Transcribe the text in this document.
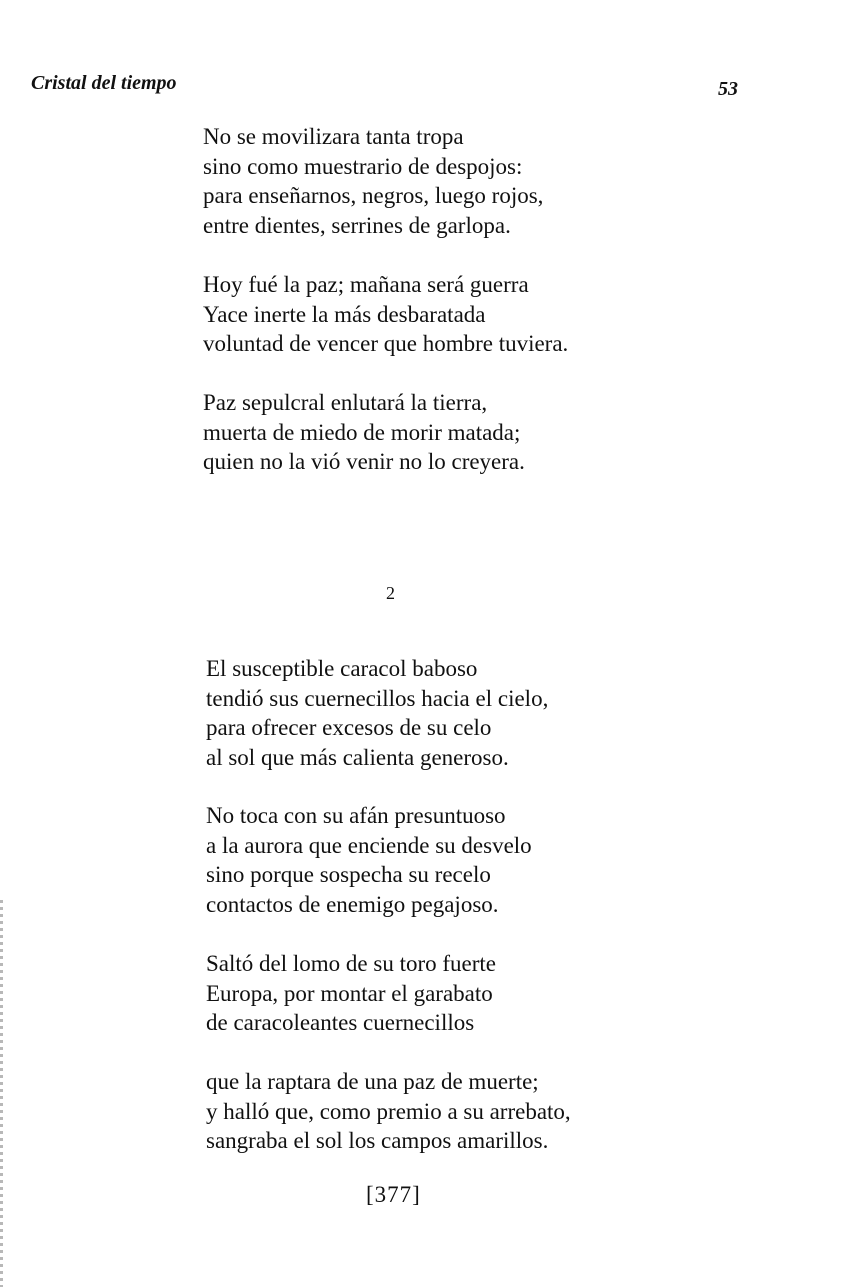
Cristal del tiempo	53
No se movilizara tanta tropa
sino como muestrario de despojos:
para enseñarnos, negros, luego rojos,
entre dientes, serrines de garlopa.
Hoy fué la paz; mañana será guerra
Yace inerte la más desbaratada
voluntad de vencer que hombre tuviera.
Paz sepulcral enlutará la tierra,
muerta de miedo de morir matada;
quien no la vió venir no lo creyera.
2
El susceptible caracol baboso
tendió sus cuernecillos hacia el cielo,
para ofrecer excesos de su celo
al sol que más calienta generoso.
No toca con su afán presuntuoso
a la aurora que enciende su desvelo
sino porque sospecha su recelo
contactos de enemigo pegajoso.
Saltó del lomo de su toro fuerte
Europa, por montar el garabato
de caracoleantes cuernecillos
que la raptara de una paz de muerte;
y halló que, como premio a su arrebato,
sangraba el sol los campos amarillos.
[377]
